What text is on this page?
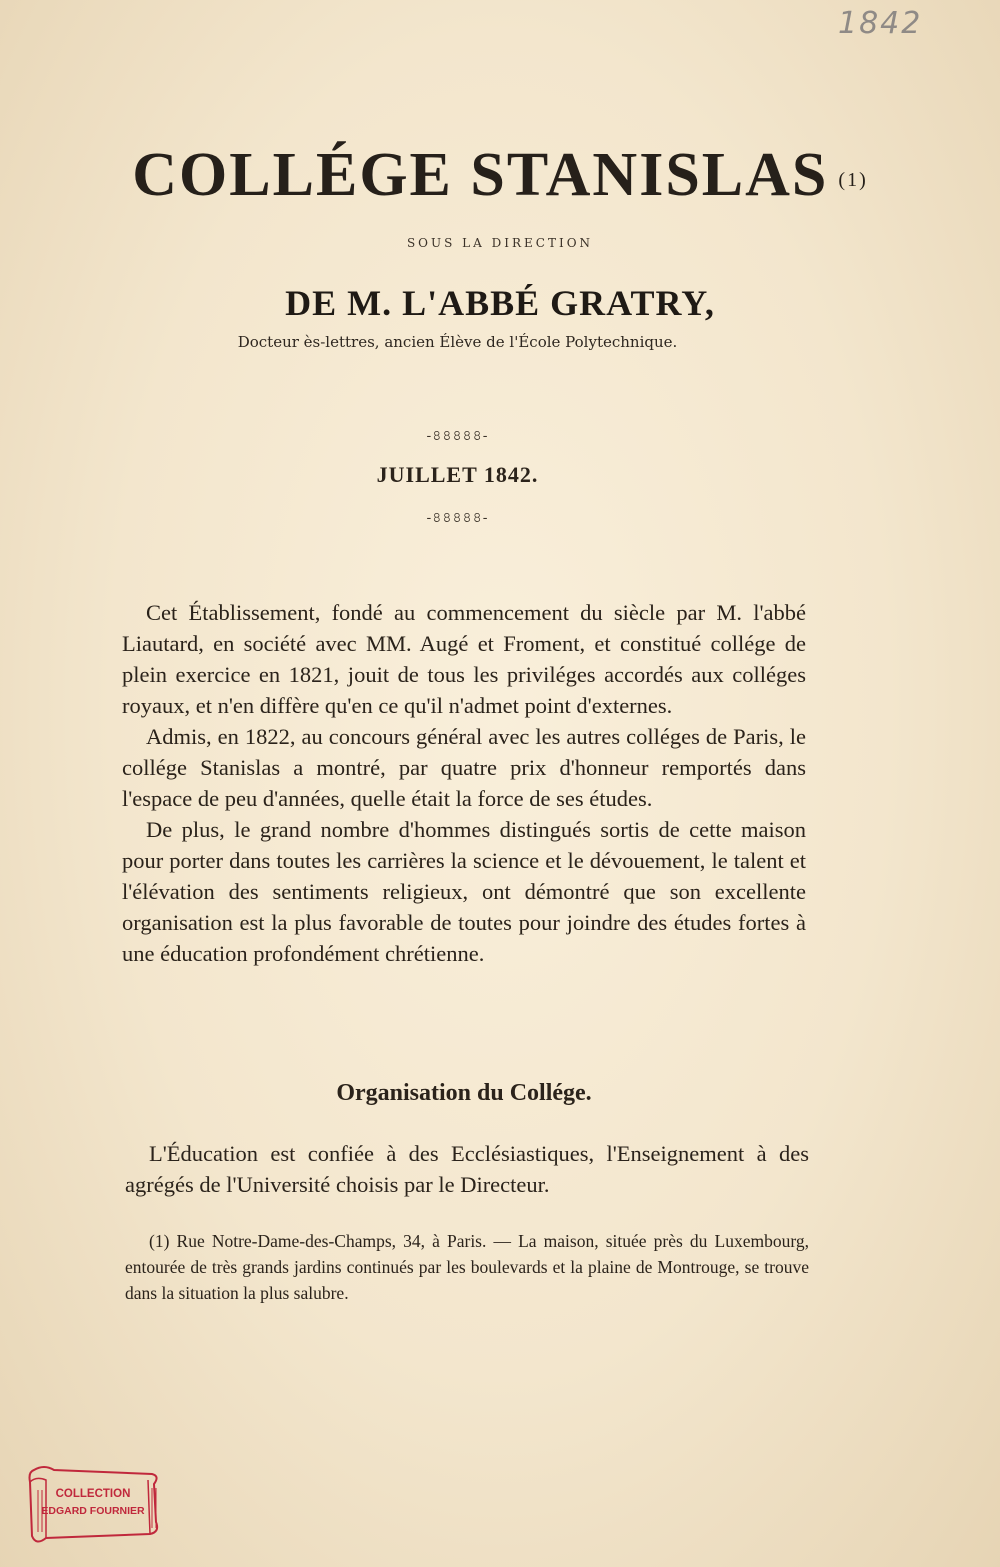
1842
COLLÉGE STANISLAS (1)
SOUS LA DIRECTION
DE M. L'ABBÉ GRATRY,
Docteur ès-lettres, ancien Élève de l'École Polytechnique.
-৪৪৪৪৪-
JUILLET 1842.
-৪৪৪৪৪-

Cet Établissement, fondé au commencement du siècle par M. l'abbé Liautard, en société avec MM. Augé et Froment, et constitué collége de plein exercice en 1821, jouit de tous les priviléges accordés aux colléges royaux, et n'en diffère qu'en ce qu'il n'admet point d'externes.

Admis, en 1822, au concours général avec les autres colléges de Paris, le collége Stanislas a montré, par quatre prix d'honneur remportés dans l'espace de peu d'années, quelle était la force de ses études.

De plus, le grand nombre d'hommes distingués sortis de cette maison pour porter dans toutes les carrières la science et le dévouement, le talent et l'élévation des sentiments religieux, ont démontré que son excellente organisation est la plus favorable de toutes pour joindre des études fortes à une éducation profondément chrétienne.

Organisation du Collége.

L'Éducation est confiée à des Ecclésiastiques, l'Enseignement à des agrégés de l'Université choisis par le Directeur.

(1) Rue Notre-Dame-des-Champs, 34, à Paris. — La maison, située près du Luxembourg, entourée de très grands jardins continués par les boulevards et la plaine de Montrouge, se trouve dans la situation la plus salubre.

COLLECTION
EDGARD FOURNIER
